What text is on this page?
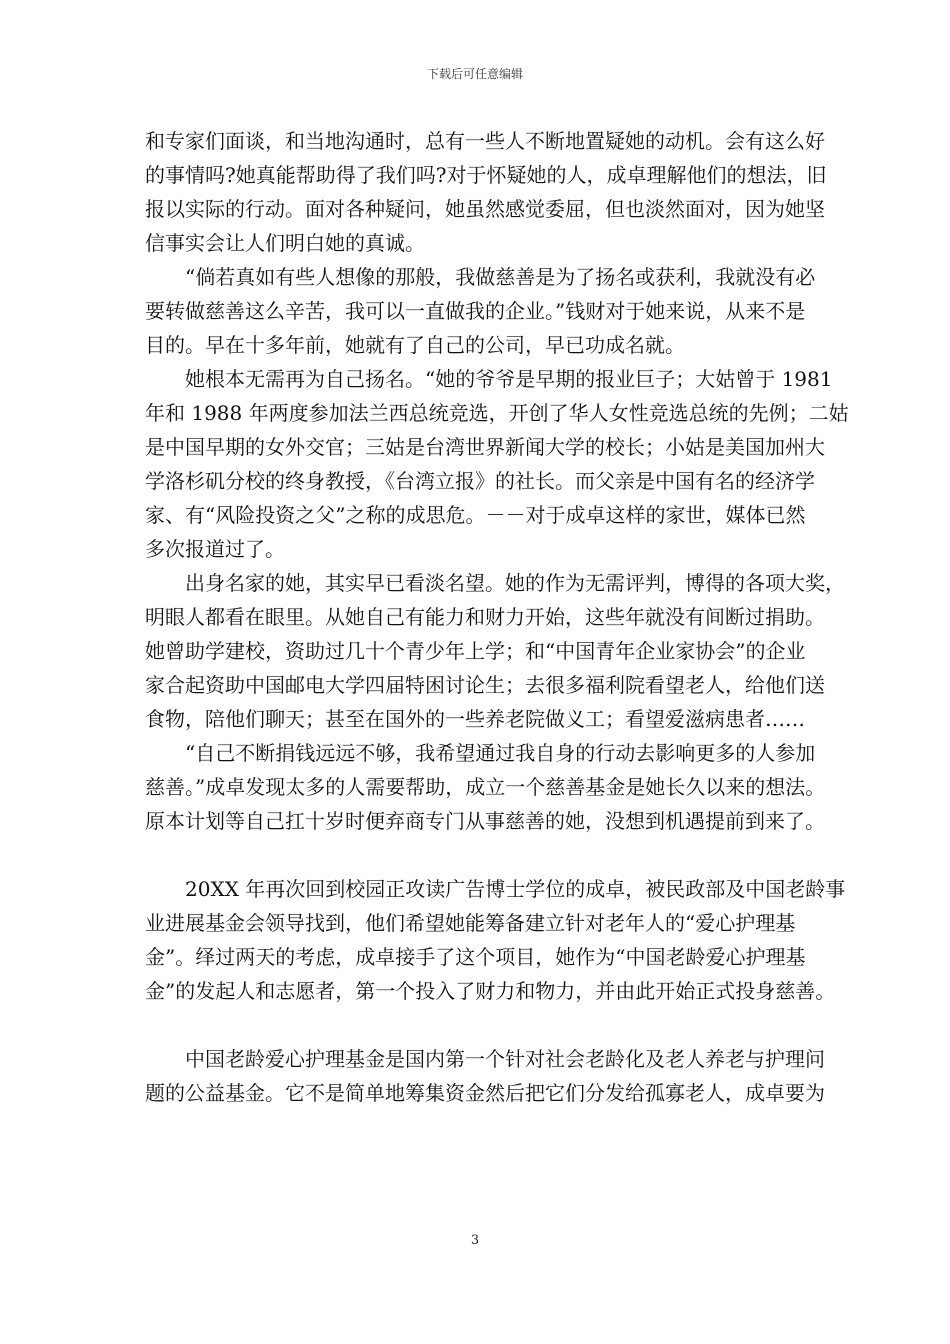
下载后可任意编辑
和专家们面谈，和当地沟通时，总有一些人不断地置疑她的动机。会有这么好
的事情吗?她真能帮助得了我们吗?对于怀疑她的人，成卓理解他们的想法，旧
报以实际的行动。面对各种疑问，她虽然感觉委屈，但也淡然面对，因为她坚
信事实会让人们明白她的真诚。
“倘若真如有些人想像的那般，我做慈善是为了扬名或获利，我就没有必
要转做慈善这么辛苦，我可以一直做我的企业。”钱财对于她来说，从来不是
目的。早在十多年前，她就有了自己的公司，早已功成名就。
她根本无需再为自己扬名。“她的爷爷是早期的报业巨子；大姑曾于 1981
年和 1988 年两度参加法兰西总统竞选，开创了华人女性竞选总统的先例；二姑
是中国早期的女外交官；三姑是台湾世界新闻大学的校长；小姑是美国加州大
学洛杉矶分校的终身教授，《台湾立报》的社长。而父亲是中国有名的经济学
家、有“风险投资之父”之称的成思危。－－对于成卓这样的家世，媒体已然
多次报道过了。
出身名家的她，其实早已看淡名望。她的作为无需评判，博得的各项大奖，
明眼人都看在眼里。从她自己有能力和财力开始，这些年就没有间断过捐助。
她曾助学建校，资助过几十个青少年上学；和“中国青年企业家协会”的企业
家合起资助中国邮电大学四届特困讨论生；去很多福利院看望老人，给他们送
食物，陪他们聊天；甚至在国外的一些养老院做义工；看望爱滋病患者……
“自己不断捐钱远远不够，我希望通过我自身的行动去影响更多的人参加
慈善。”成卓发现太多的人需要帮助，成立一个慈善基金是她长久以来的想法。
原本计划等自己扛十岁时便弃商专门从事慈善的她，没想到机遇提前到来了。
20XX 年再次回到校园正攻读广告博士学位的成卓，被民政部及中国老龄事
业进展基金会领导找到，他们希望她能筹备建立针对老年人的“爱心护理基
金”。绎过两天的考虑，成卓接手了这个项目，她作为“中国老龄爱心护理基
金”的发起人和志愿者，第一个投入了财力和物力，并由此开始正式投身慈善。
中国老龄爱心护理基金是国内第一个针对社会老龄化及老人养老与护理问
题的公益基金。它不是简单地筹集资金然后把它们分发给孤寡老人，成卓要为
3
